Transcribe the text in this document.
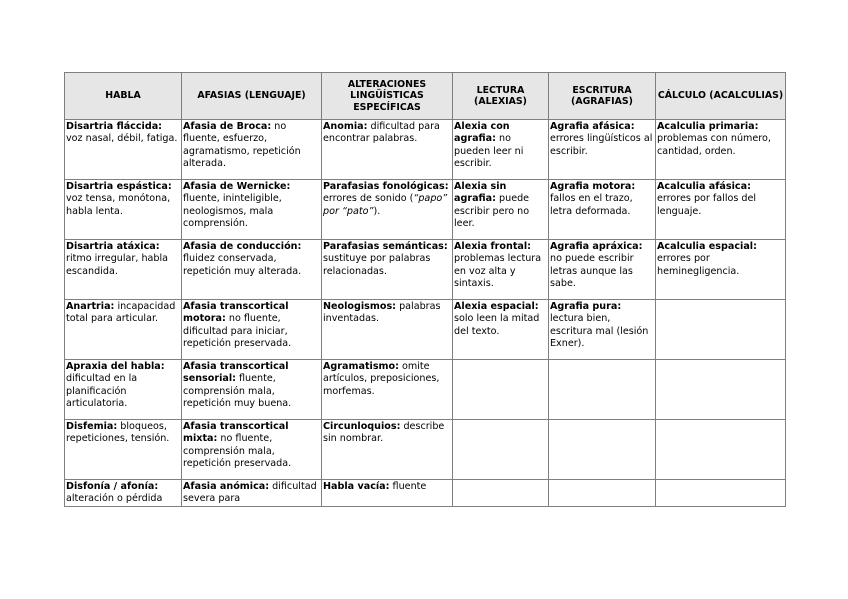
HABLA	AFASIAS (LENGUAJE)	ALTERACIONES LINGÜÍSTICAS ESPECÍFICAS	LECTURA (ALEXIAS)	ESCRITURA (AGRAFIAS)	CÁLCULO (ACALCULIAS)

Disartria fláccida: voz nasal, débil, fatiga.	Afasia de Broca: no fluente, esfuerzo, agramatismo, repetición alterada.	Anomia: dificultad para encontrar palabras.	Alexia con agrafia: no pueden leer ni escribir.	Agrafia afásica: errores lingüísticos al escribir.	Acalculia primaria: problemas con número, cantidad, orden.

Disartria espástica: voz tensa, monótona, habla lenta.	Afasia de Wernicke: fluente, ininteligible, neologismos, mala comprensión.	Parafasias fonológicas: errores de sonido (“papo” por “pato”).	Alexia sin agrafia: puede escribir pero no leer.	Agrafia motora: fallos en el trazo, letra deformada.	Acalculia afásica: errores por fallos del lenguaje.

Disartria atáxica: ritmo irregular, habla escandida.	Afasia de conducción: fluidez conservada, repetición muy alterada.	Parafasias semánticas: sustituye por palabras relacionadas.	Alexia frontal: problemas lectura en voz alta y sintaxis.	Agrafia apráxica: no puede escribir letras aunque las sabe.	Acalculia espacial: errores por heminegligencia.

Anartria: incapacidad total para articular.	Afasia transcortical motora: no fluente, dificultad para iniciar, repetición preservada.	Neologismos: palabras inventadas.	Alexia espacial: solo leen la mitad del texto.	Agrafia pura: lectura bien, escritura mal (lesión Exner).	

Apraxia del habla: dificultad en la planificación articulatoria.	Afasia transcortical sensorial: fluente, comprensión mala, repetición muy buena.	Agramatismo: omite artículos, preposiciones, morfemas.			

Disfemia: bloqueos, repeticiones, tensión.	Afasia transcortical mixta: no fluente, comprensión mala, repetición preservada.	Circunloquios: describe sin nombrar.			

Disfonía / afonía: alteración o pérdida	Afasia anómica: dificultad severa para	Habla vacía: fluente			
